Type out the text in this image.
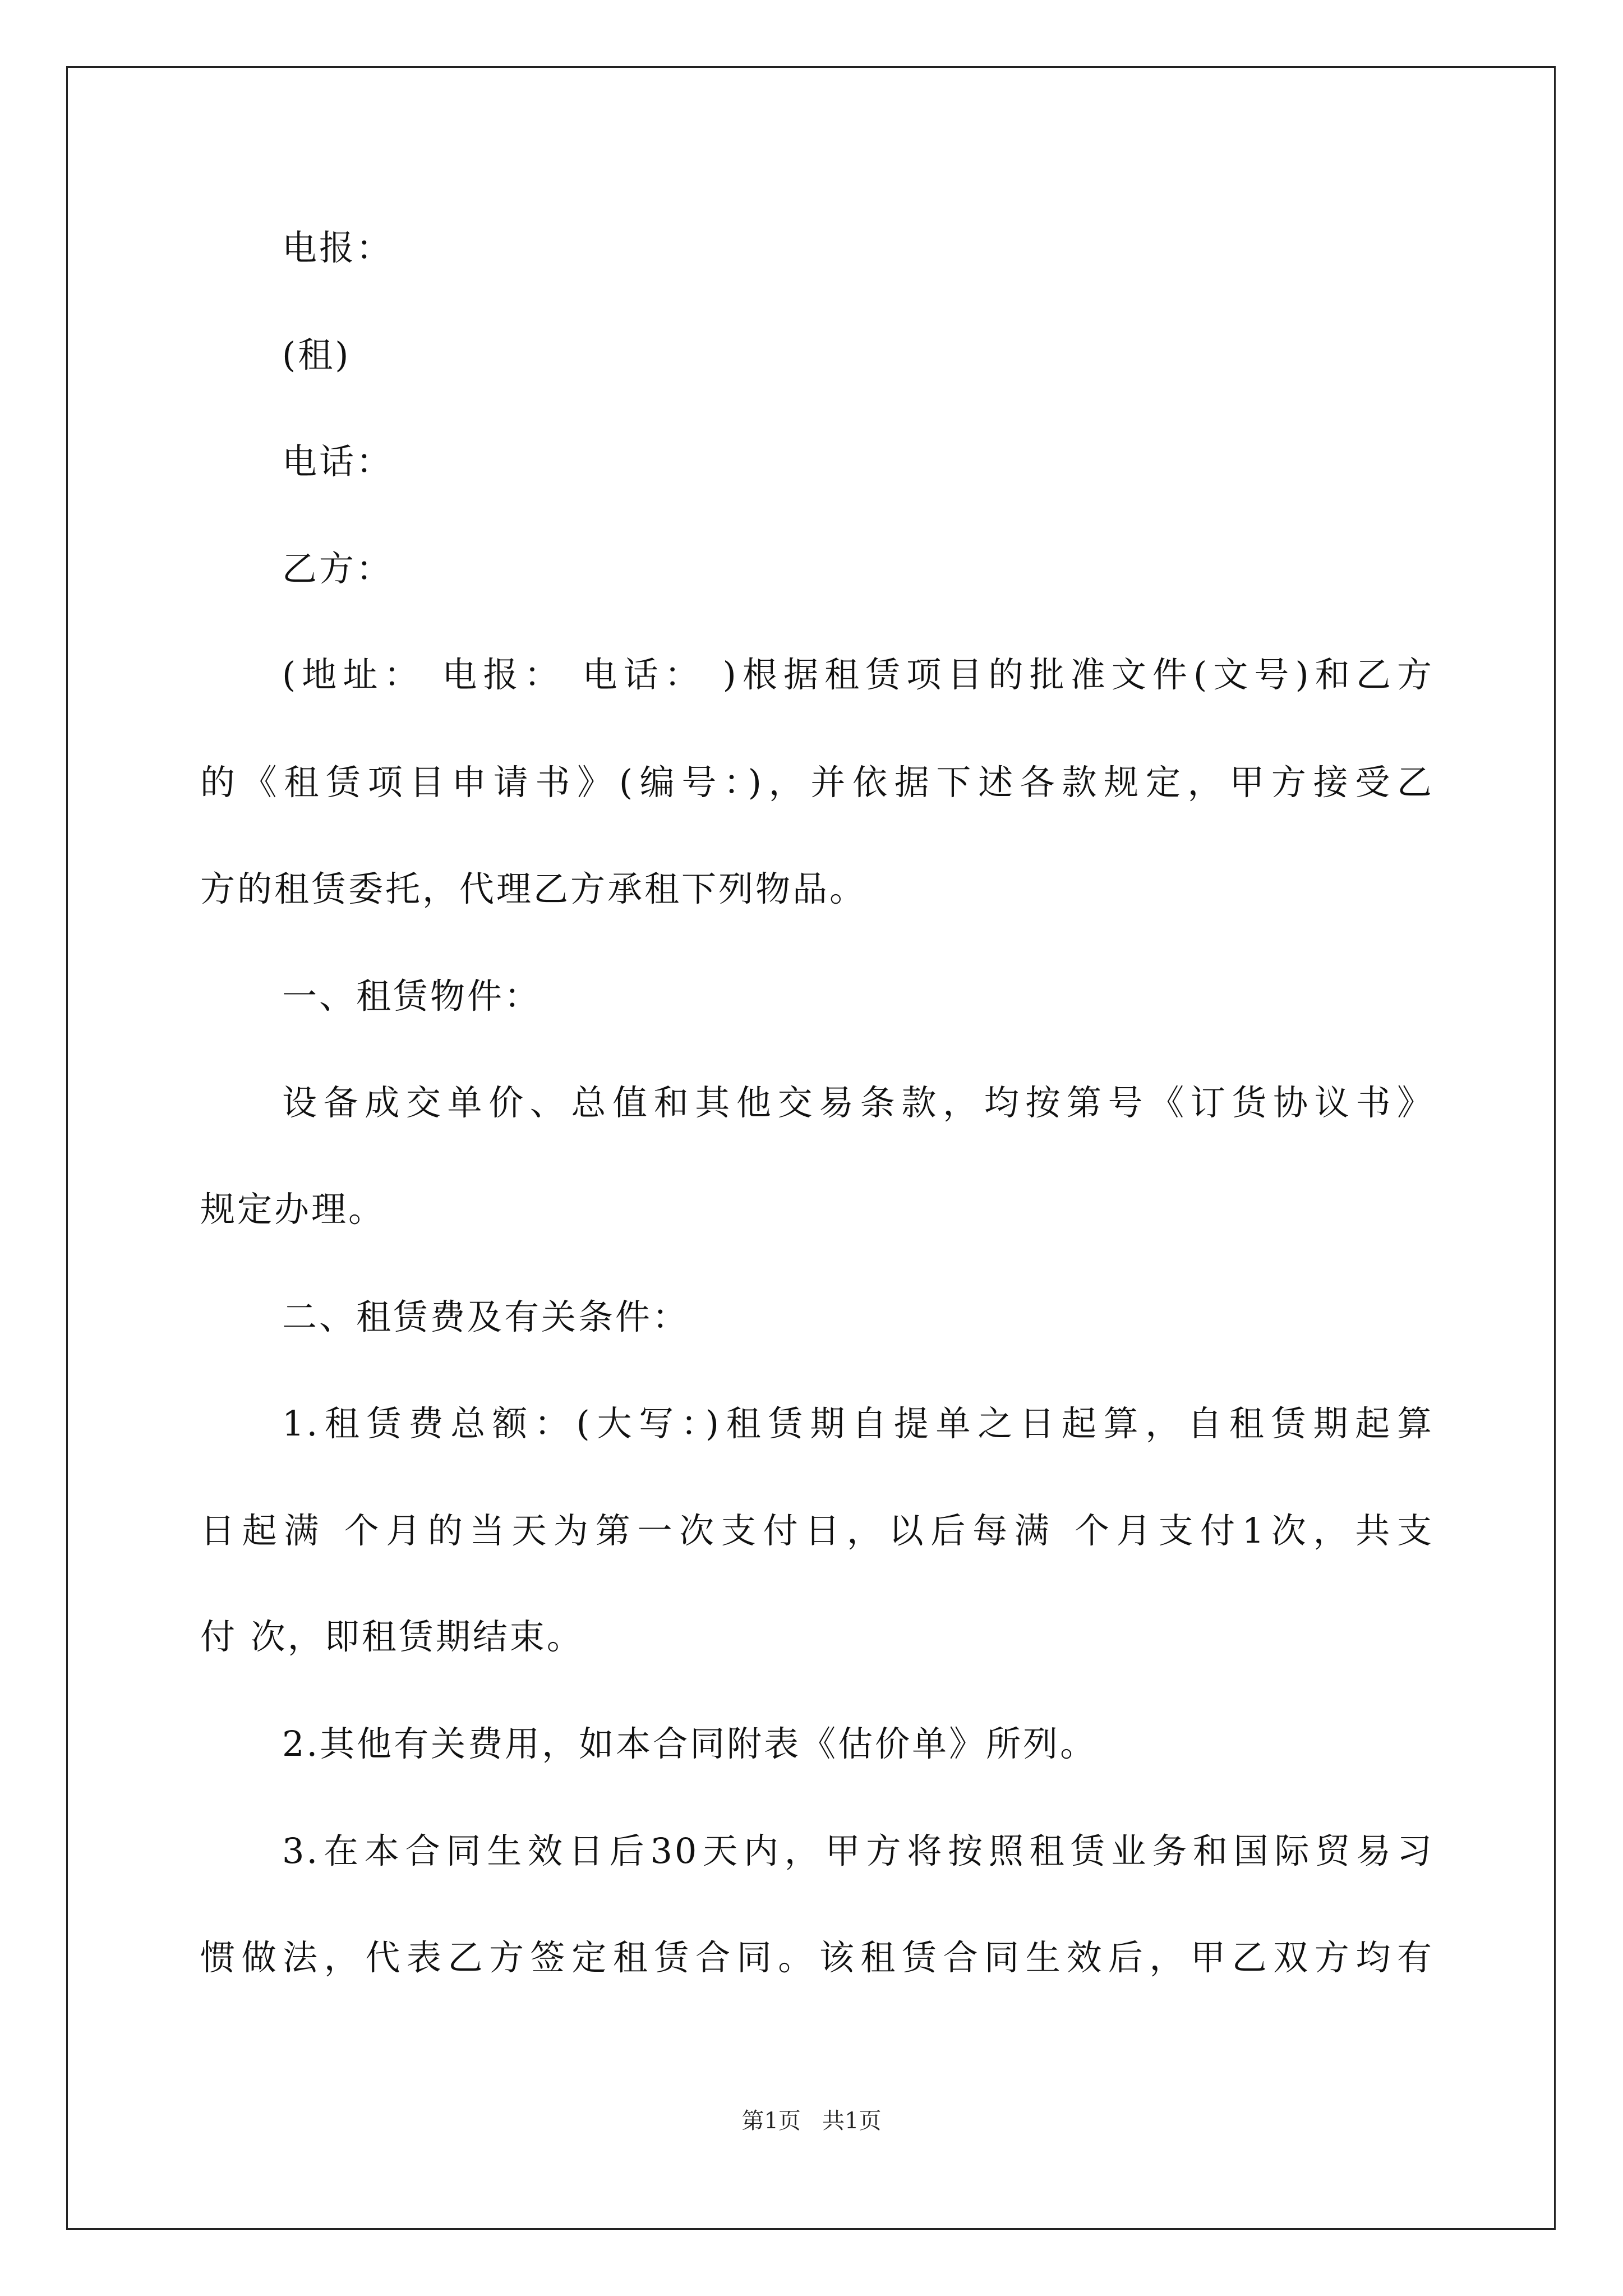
电报：
(租)
电话：
乙方：
(地址： 电报： 电话： )根据租赁项目的批准文件(文号)和乙方
的《租赁项目申请书》(编号：)，并依据下述各款规定，甲方接受乙
方的租赁委托，代理乙方承租下列物品。
一、租赁物件：
设备成交单价、总值和其他交易条款，均按第号《订货协议书》
规定办理。
二、租赁费及有关条件：
1.租赁费总额：(大写：)租赁期自提单之日起算，自租赁期起算
日起满 个月的当天为第一次支付日，以后每满 个月支付1次，共支
付 次，即租赁期结束。
2.其他有关费用，如本合同附表《估价单》所列。
3.在本合同生效日后30天内，甲方将按照租赁业务和国际贸易习
惯做法，代表乙方签定租赁合同。该租赁合同生效后，甲乙双方均有
第1页   共1页
